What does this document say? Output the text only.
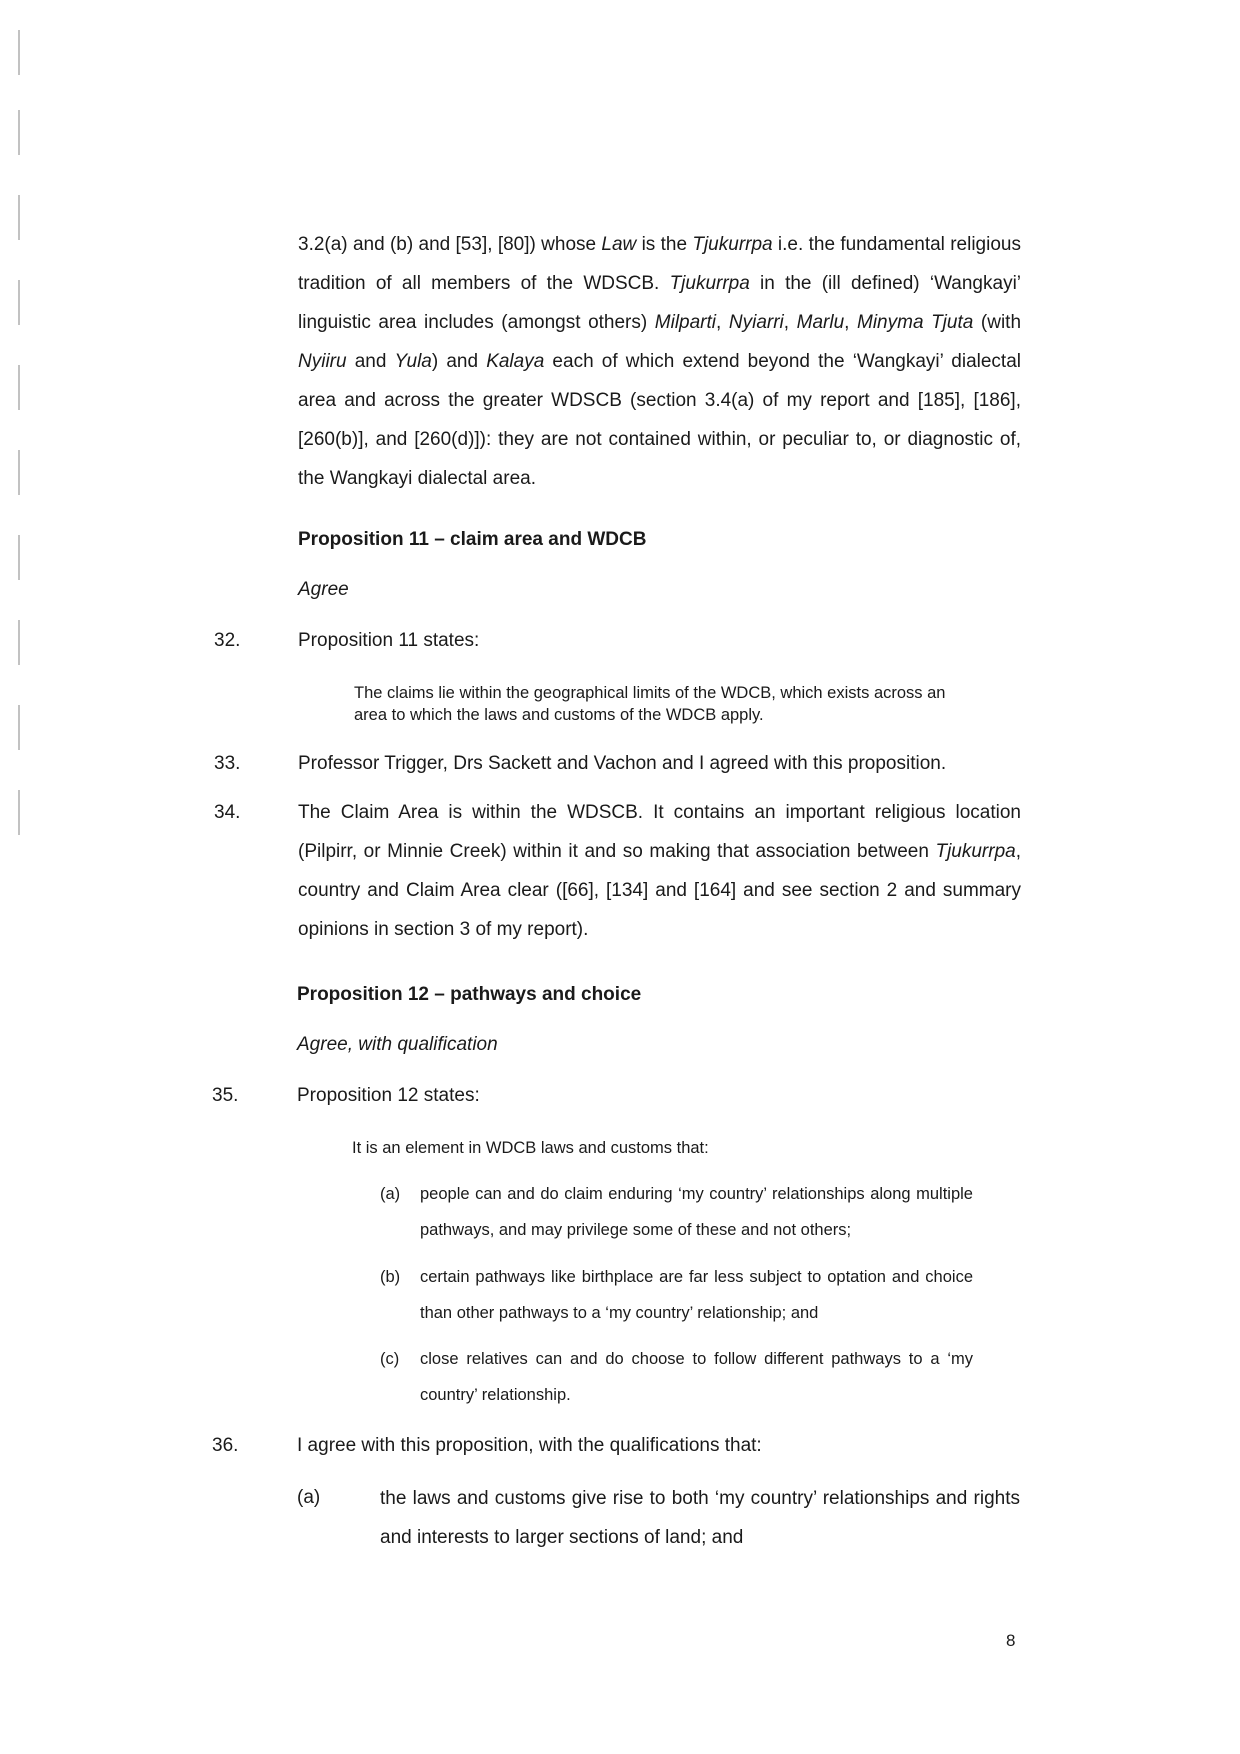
3.2(a) and (b) and [53], [80]) whose Law is the Tjukurrpa i.e. the fundamental religious tradition of all members of the WDSCB. Tjukurrpa in the (ill defined) ‘Wangkayi’ linguistic area includes (amongst others) Milparti, Nyiarri, Marlu, Minyma Tjuta (with Nyiiru and Yula) and Kalaya each of which extend beyond the ‘Wangkayi’ dialectal area and across the greater WDSCB (section 3.4(a) of my report and [185], [186], [260(b)], and [260(d)]): they are not contained within, or peculiar to, or diagnostic of, the Wangkayi dialectal area.

Proposition 11 – claim area and WDCB
Agree
32.	Proposition 11 states:
The claims lie within the geographical limits of the WDCB, which exists across an area to which the laws and customs of the WDCB apply.
33.	Professor Trigger, Drs Sackett and Vachon and I agreed with this proposition.
34.	The Claim Area is within the WDSCB. It contains an important religious location (Pilpirr, or Minnie Creek) within it and so making that association between Tjukurrpa, country and Claim Area clear ([66], [134] and [164] and see section 2 and summary opinions in section 3 of my report).

Proposition 12 – pathways and choice
Agree, with qualification
35.	Proposition 12 states:
It is an element in WDCB laws and customs that:
(a) people can and do claim enduring ‘my country’ relationships along multiple pathways, and may privilege some of these and not others;
(b) certain pathways like birthplace are far less subject to optation and choice than other pathways to a ‘my country’ relationship; and
(c) close relatives can and do choose to follow different pathways to a ‘my country’ relationship.
36.	I agree with this proposition, with the qualifications that:
(a)	the laws and customs give rise to both ‘my country’ relationships and rights and interests to larger sections of land; and
8
